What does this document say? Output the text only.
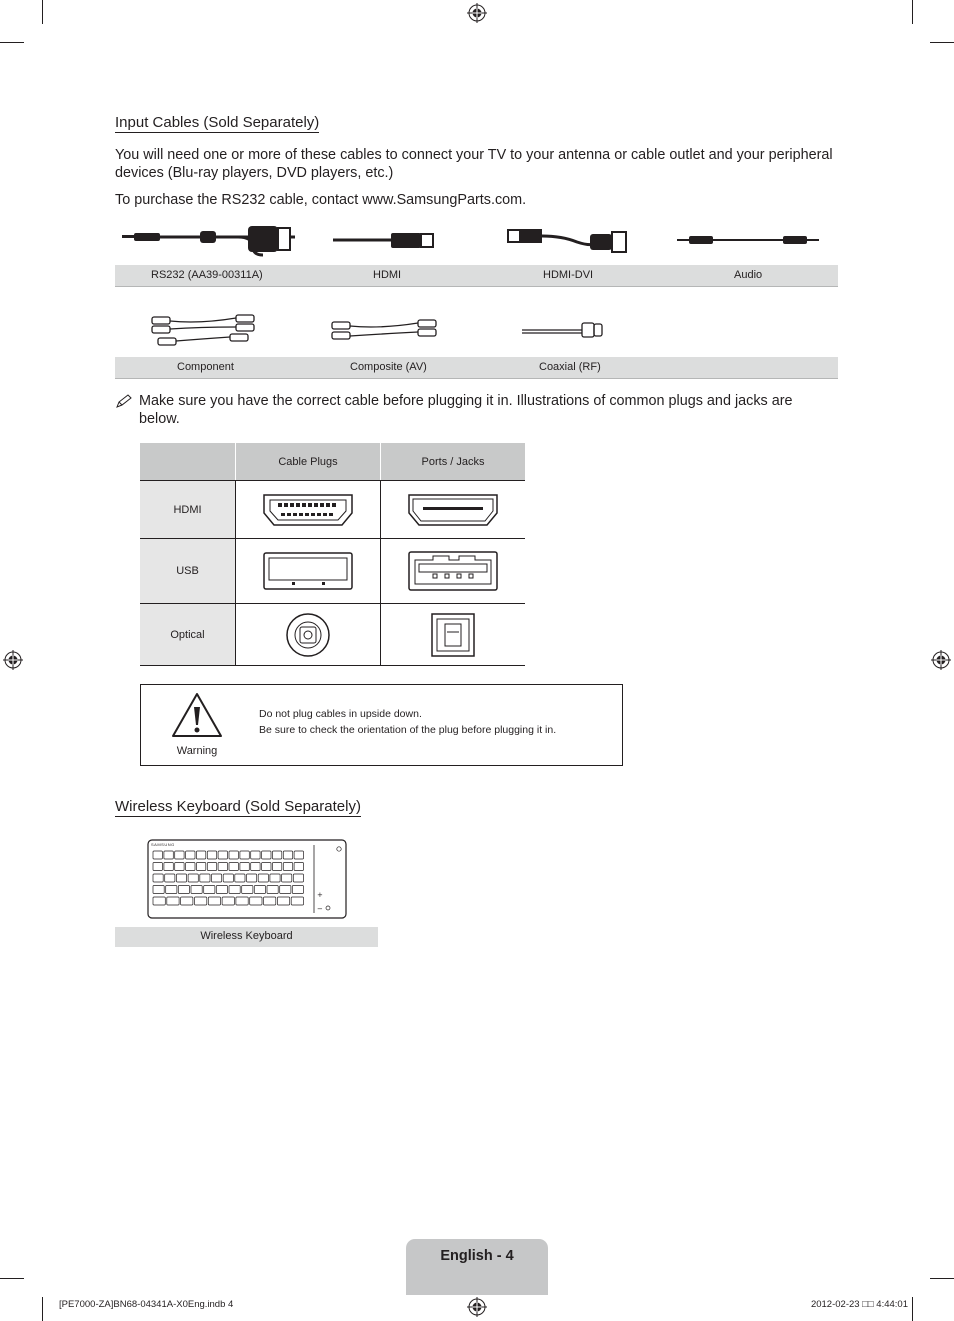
Input Cables (Sold Separately)
You will need one or more of these cables to connect your TV to your antenna or cable outlet and your peripheral devices (Blu-ray players, DVD players, etc.)
To purchase the RS232 cable, contact www.SamsungParts.com.
RS232 (AA39-00311A)	HDMI	HDMI-DVI	Audio
Component	Composite (AV)	Coaxial (RF)
Make sure you have the correct cable before plugging it in. Illustrations of common plugs and jacks are below.
	Cable Plugs	Ports / Jacks
HDMI	

USB	

Optical	

Warning
Do not plug cables in upside down.
Be sure to check the orientation of the plug before plugging it in.
Wireless Keyboard (Sold Separately)
+
−
SAMSUNG
Wireless Keyboard
English - 4
[PE7000-ZA]BN68-04341A-X0Eng.indb 4	2012-02-23 □□ 4:44:01
